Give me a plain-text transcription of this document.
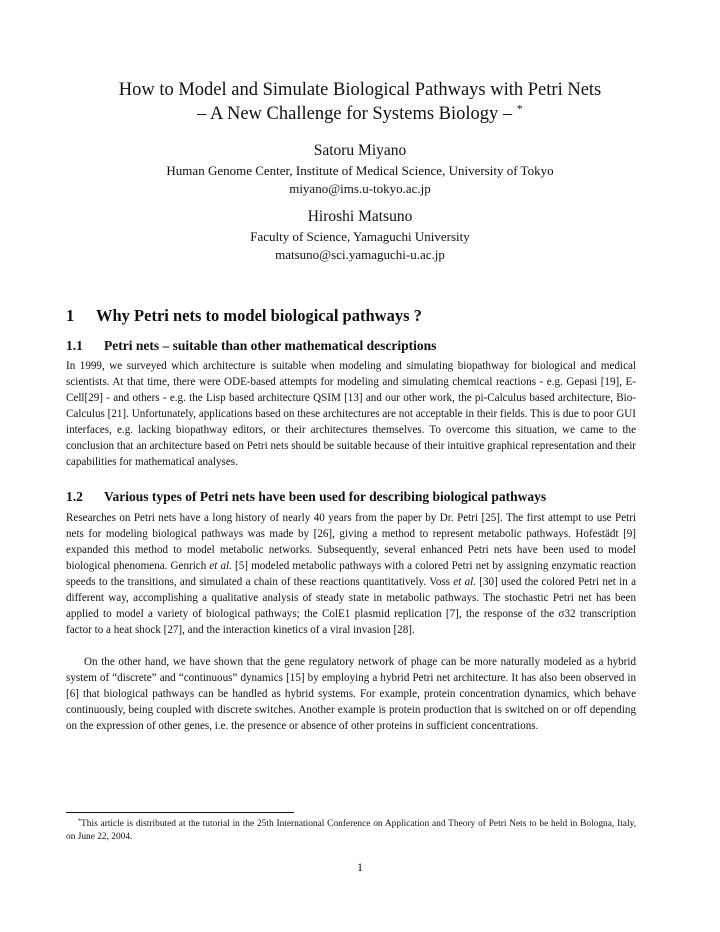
How to Model and Simulate Biological Pathways with Petri Nets
– A New Challenge for Systems Biology – *
Satoru Miyano
Human Genome Center, Institute of Medical Science, University of Tokyo
miyano@ims.u-tokyo.ac.jp
Hiroshi Matsuno
Faculty of Science, Yamaguchi University
matsuno@sci.yamaguchi-u.ac.jp
1 Why Petri nets to model biological pathways ?
1.1 Petri nets – suitable than other mathematical descriptions

In 1999, we surveyed which architecture is suitable when modeling and simulating biopathway for biological and medical scientists. At that time, there were ODE-based attempts for modeling and simulating chemical reactions - e.g. Gepasi [19], E-Cell[29] - and others - e.g. the Lisp based architecture QSIM [13] and our other work, the pi-Calculus based architecture, Bio-Calculus [21]. Unfortunately, applications based on these architectures are not acceptable in their fields. This is due to poor GUI interfaces, e.g. lacking biopathway editors, or their architectures themselves. To overcome this situation, we came to the conclusion that an architecture based on Petri nets should be suitable because of their intuitive graphical representation and their capabilities for mathematical analyses.

1.2 Various types of Petri nets have been used for describing biological pathways

Researches on Petri nets have a long history of nearly 40 years from the paper by Dr. Petri [25]. The first attempt to use Petri nets for modeling biological pathways was made by [26], giving a method to represent metabolic pathways. Hofestädt [9] expanded this method to model metabolic networks. Subsequently, several enhanced Petri nets have been used to model biological phenomena. Genrich et al. [5] modeled metabolic pathways with a colored Petri net by assigning enzymatic reaction speeds to the transitions, and simulated a chain of these reactions quantitatively. Voss et al. [30] used the colored Petri net in a different way, accomplishing a qualitative analysis of steady state in metabolic pathways. The stochastic Petri net has been applied to model a variety of biological pathways; the ColE1 plasmid replication [7], the response of the σ32 transcription factor to a heat shock [27], and the interaction kinetics of a viral invasion [28].

On the other hand, we have shown that the gene regulatory network of phage can be more naturally modeled as a hybrid system of “discrete” and “continuous” dynamics [15] by employing a hybrid Petri net architecture. It has also been observed in [6] that biological pathways can be handled as hybrid systems. For example, protein concentration dynamics, which behave continuously, being coupled with discrete switches. Another example is protein production that is switched on or off depending on the expression of other genes, i.e. the presence or absence of other proteins in sufficient concentrations.

*This article is distributed at the tutorial in the 25th International Conference on Application and Theory of Petri Nets to be held in Bologna, Italy, on June 22, 2004.
1
